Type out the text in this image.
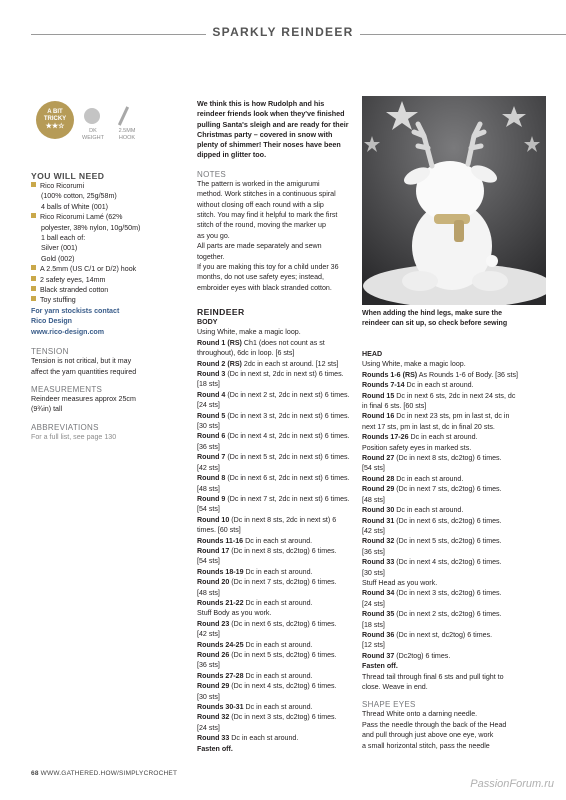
SPARKLY REINDEER
A BIT
TRICKY
★★☆
DK
WEIGHT
2.5MM
HOOK
YOU WILL NEED
Rico Ricorumi
(100% cotton, 25g/58m)
4 balls of White (001)
Rico Ricorumi Lamé (62%
polyester, 38% nylon, 10g/50m)
1 ball each of:
Silver (001)
Gold (002)
A 2.5mm (US C/1 or D/2) hook
2 safety eyes, 14mm
Black stranded cotton
Toy stuffing
For yarn stockists contact
Rico Design
www.rico-design.com
TENSION
Tension is not critical, but it may
affect the yarn quantities required
MEASUREMENTS
Reindeer measures approx 25cm
(9¾in) tall
ABBREVIATIONS
For a full list, see page 130
We think this is how Rudolph and his
reindeer friends look when they've finished
pulling Santa's sleigh and are ready for their
Christmas party – covered in snow with
plenty of shimmer! Their noses have been
dipped in glitter too.
NOTES
The pattern is worked in the amigurumi
method. Work stitches in a continuous spiral
without closing off each round with a slip
stitch. You may find it helpful to mark the first
stitch of the round, moving the marker up
as you go.
All parts are made separately and sewn
together.
If you are making this toy for a child under 36
months, do not use safety eyes; instead,
embroider eyes with black stranded cotton.
When adding the hind legs, make sure the
reindeer can sit up, so check before sewing
REINDEER
BODY
Using White, make a magic loop.
Round 1 (RS) Ch1 (does not count as st
throughout), 6dc in loop. [6 sts]
Round 2 (RS) 2dc in each st around. [12 sts]
Round 3 (Dc in next st, 2dc in next st) 6 times.
[18 sts]
Round 4 (Dc in next 2 st, 2dc in next st) 6 times.
[24 sts]
Round 5 (Dc in next 3 st, 2dc in next st) 6 times.
[30 sts]
Round 6 (Dc in next 4 st, 2dc in next st) 6 times.
[36 sts]
Round 7 (Dc in next 5 st, 2dc in next st) 6 times.
[42 sts]
Round 8 (Dc in next 6 st, 2dc in next st) 6 times.
[48 sts]
Round 9 (Dc in next 7 st, 2dc in next st) 6 times.
[54 sts]
Round 10 (Dc in next 8 sts, 2dc in next st) 6
times. [60 sts]
Rounds 11-16 Dc in each st around.
Round 17 (Dc in next 8 sts, dc2tog) 6 times.
[54 sts]
Rounds 18-19 Dc in each st around.
Round 20 (Dc in next 7 sts, dc2tog) 6 times.
[48 sts]
Rounds 21-22 Dc in each st around.
Stuff Body as you work.
Round 23 (Dc in next 6 sts, dc2tog) 6 times.
[42 sts]
Rounds 24-25 Dc in each st around.
Round 26 (Dc in next 5 sts, dc2tog) 6 times.
[36 sts]
Rounds 27-28 Dc in each st around.
Round 29 (Dc in next 4 sts, dc2tog) 6 times.
[30 sts]
Rounds 30-31 Dc in each st around.
Round 32 (Dc in next 3 sts, dc2tog) 6 times.
[24 sts]
Round 33 Dc in each st around.
Fasten off.
HEAD
Using White, make a magic loop.
Rounds 1-6 (RS) As Rounds 1-6 of Body. [36 sts]
Rounds 7-14 Dc in each st around.
Round 15 Dc in next 6 sts, 2dc in next 24 sts, dc
in final 6 sts. [60 sts]
Round 16 Dc in next 23 sts, pm in last st, dc in
next 17 sts, pm in last st, dc in final 20 sts.
Rounds 17-26 Dc in each st around.
Position safety eyes in marked sts.
Round 27 (Dc in next 8 sts, dc2tog) 6 times.
[54 sts]
Round 28 Dc in each st around.
Round 29 (Dc in next 7 sts, dc2tog) 6 times.
[48 sts]
Round 30 Dc in each st around.
Round 31 (Dc in next 6 sts, dc2tog) 6 times.
[42 sts]
Round 32 (Dc in next 5 sts, dc2tog) 6 times.
[36 sts]
Round 33 (Dc in next 4 sts, dc2tog) 6 times.
[30 sts]
Stuff Head as you work.
Round 34 (Dc in next 3 sts, dc2tog) 6 times.
[24 sts]
Round 35 (Dc in next 2 sts, dc2tog) 6 times.
[18 sts]
Round 36 (Dc in next st, dc2tog) 6 times.
[12 sts]
Round 37 (Dc2tog) 6 times.
Fasten off.
Thread tail through final 6 sts and pull tight to
close. Weave in end.
SHAPE EYES
Thread White onto a darning needle.
Pass the needle through the back of the Head
and pull through just above one eye, work
a small horizontal stitch, pass the needle
68 WWW.GATHERED.HOW/SIMPLYCROCHET
PassionForum.ru
